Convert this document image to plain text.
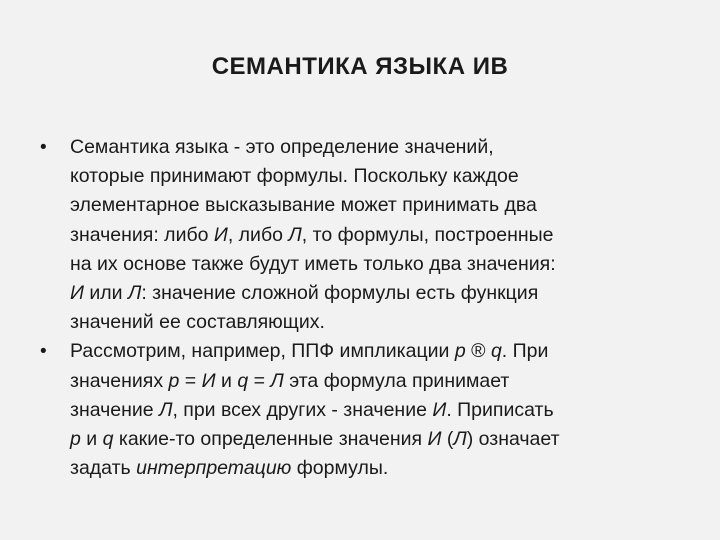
СЕМАНТИКА ЯЗЫКА ИВ
•	Семантика языка - это определение значений,
которые принимают формулы. Поскольку каждое
элементарное высказывание может принимать два
значения: либо И, либо Л, то формулы, построенные
на их основе также будут иметь только два значения:
И или Л: значение сложной формулы есть функция
значений ее составляющих.
•	Рассмотрим, например, ППФ импликации p ® q. При
значениях p = И и q = Л эта формула принимает
значение Л, при всех других - значение И. Приписать
p и q какие-то определенные значения И (Л) означает
задать интерпретацию формулы.
